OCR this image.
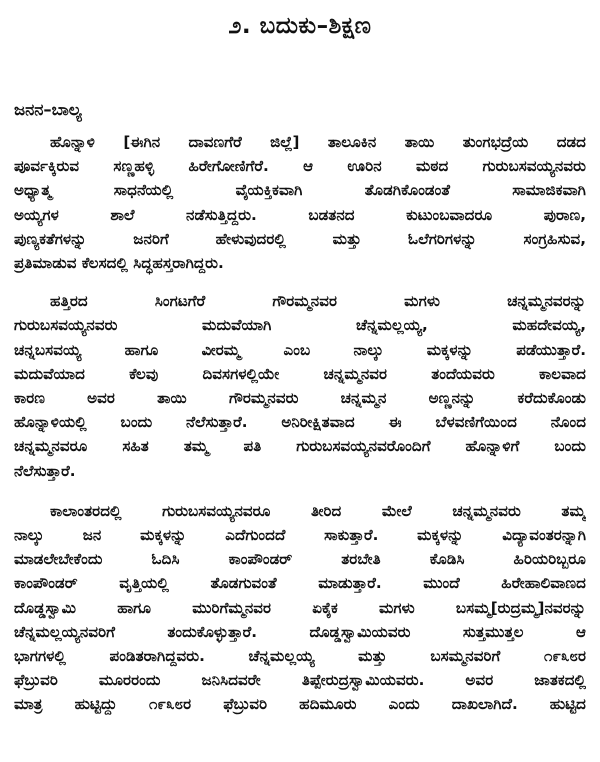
೨. ಬದುಕು–ಶಿಕ್ಷಣ
ಜನನ–ಬಾಲ್ಯ

ಹೊನ್ನಾಳಿ [ಈಗಿನ ದಾವಣಗೆರೆ ಜಿಲ್ಲೆ] ತಾಲೂಕಿನ ತಾಯಿ ತುಂಗಭದ್ರೆಯ ದಡದ
ಪೂರ್ವಕ್ಕಿರುವ ಸಣ್ಣಹಳ್ಳಿ ಹಿರೇಗೋಣಿಗೆರೆ. ಆ ಊರಿನ ಮಠದ ಗುರುಬಸವಯ್ಯನವರು
ಅಧ್ಯಾತ್ಮ ಸಾಧನೆಯಲ್ಲಿ ವೈಯಕ್ತಿಕವಾಗಿ ತೊಡಗಿಕೊಂಡಂತೆ ಸಾಮಾಜಿಕವಾಗಿ
ಅಯ್ಯಗಳ ಶಾಲೆ ನಡೆಸುತ್ತಿದ್ದರು. ಬಡತನದ ಕುಟುಂಬವಾದರೂ ಪುರಾಣ,
ಪುಣ್ಯಕತೆಗಳನ್ನು ಜನರಿಗೆ ಹೇಳುವುದರಲ್ಲಿ ಮತ್ತು ಓಲೆಗರಿಗಳನ್ನು ಸಂಗ್ರಹಿಸುವ,
ಪ್ರತಿಮಾಡುವ ಕೆಲಸದಲ್ಲಿ ಸಿದ್ಧಹಸ್ತರಾಗಿದ್ದರು.

ಹತ್ತಿರದ ಸಿಂಗಟಗೆರೆ ಗೌರಮ್ಮನವರ ಮಗಳು ಚನ್ನಮ್ಮನವರನ್ನು
ಗುರುಬಸವಯ್ಯನವರು ಮದುವೆಯಾಗಿ ಚೆನ್ನಮಲ್ಲಯ್ಯ, ಮಹದೇವಯ್ಯ,
ಚನ್ನಬಸವಯ್ಯ ಹಾಗೂ ವೀರಮ್ಮ ಎಂಬ ನಾಲ್ಕು ಮಕ್ಕಳನ್ನು ಪಡೆಯುತ್ತಾರೆ.
ಮದುವೆಯಾದ ಕೆಲವು ದಿವಸಗಳಲ್ಲಿಯೇ ಚನ್ನಮ್ಮನವರ ತಂದೆಯವರು ಕಾಲವಾದ
ಕಾರಣ ಅವರ ತಾಯಿ ಗೌರಮ್ಮನವರು ಚನ್ನಮ್ಮನ ಅಣ್ಣನನ್ನು ಕರೆದುಕೊಂಡು
ಹೊನ್ನಾಳಿಯಲ್ಲಿ ಬಂದು ನೆಲೆಸುತ್ತಾರೆ. ಅನಿರೀಕ್ಷಿತವಾದ ಈ ಬೆಳವಣಿಗೆಯಿಂದ ನೊಂದ
ಚನ್ನಮ್ಮನವರೂ ಸಹಿತ ತಮ್ಮ ಪತಿ ಗುರುಬಸವಯ್ಯನವರೊಂದಿಗೆ ಹೊನ್ನಾಳಿಗೆ ಬಂದು
ನೆಲೆಸುತ್ತಾರೆ.

ಕಾಲಾಂತರದಲ್ಲಿ ಗುರುಬಸವಯ್ಯನವರೂ ತೀರಿದ ಮೇಲೆ ಚನ್ನಮ್ಮನವರು ತಮ್ಮ
ನಾಲ್ಕು ಜನ ಮಕ್ಕಳನ್ನು ಎದೆಗುಂದದೆ ಸಾಕುತ್ತಾರೆ. ಮಕ್ಕಳನ್ನು ವಿದ್ಯಾವಂತರನ್ನಾಗಿ
ಮಾಡಲೇಬೇಕೆಂದು ಓದಿಸಿ ಕಾಂಪೌಂಡರ್ ತರಬೇತಿ ಕೊಡಿಸಿ ಹಿರಿಯರಿಬ್ಬರೂ
ಕಾಂಪೌಂಡರ್ ವೃತ್ತಿಯಲ್ಲಿ ತೊಡಗುವಂತೆ ಮಾಡುತ್ತಾರೆ. ಮುಂದೆ ಹಿರೇಹಾಲಿವಾಣದ
ದೊಡ್ಡಸ್ವಾಮಿ ಹಾಗೂ ಮುರಿಗೆಮ್ಮನವರ ಏಕೈಕ ಮಗಳು ಬಸಮ್ಮ[ರುದ್ರಮ್ಮ]ನವರನ್ನು
ಚೆನ್ನಮಲ್ಲಯ್ಯನವರಿಗೆ ತಂದುಕೊಳ್ಳುತ್ತಾರೆ. ದೊಡ್ಡಸ್ವಾಮಿಯವರು ಸುತ್ತಮುತ್ತಲ ಆ
ಭಾಗಗಳಲ್ಲಿ ಪಂಡಿತರಾಗಿದ್ದವರು. ಚೆನ್ನಮಲ್ಲಯ್ಯ ಮತ್ತು ಬಸಮ್ಮನವರಿಗೆ ೧೯೩೮ರ
ಫೆಬ್ರುವರಿ ಮೂರರಂದು ಜನಿಸಿದವರೇ ತಿಪ್ಪೇರುದ್ರಸ್ವಾಮಿಯವರು. ಅವರ ಜಾತಕದಲ್ಲಿ
ಮಾತ್ರ ಹುಟ್ಟಿದ್ದು ೧೯೩೮ರ ಫೆಬ್ರುವರಿ ಹದಿಮೂರು ಎಂದು ದಾಖಲಾಗಿದೆ. ಹುಟ್ಟಿದ
